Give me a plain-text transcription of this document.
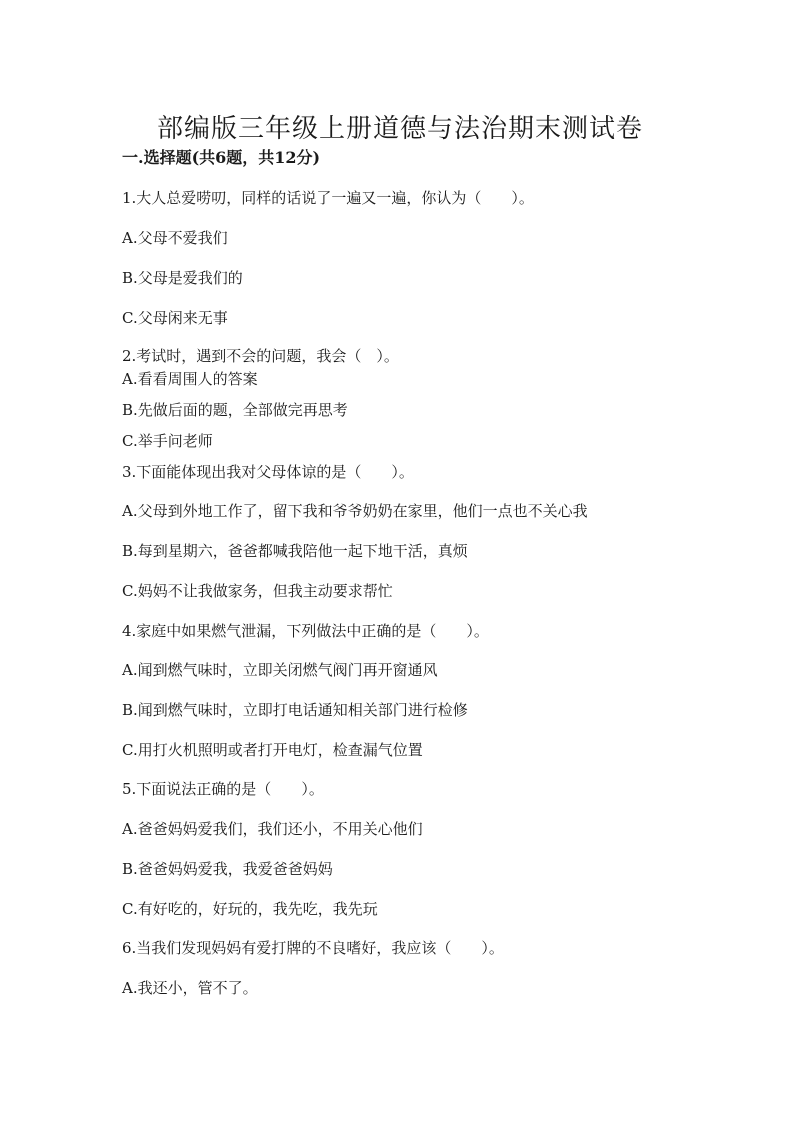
部编版三年级上册道德与法治期末测试卷
一.选择题(共6题，共12分)
1.大人总爱唠叨，同样的话说了一遍又一遍，你认为（　　）。
A.父母不爱我们
B.父母是爱我们的
C.父母闲来无事
2.考试时，遇到不会的问题，我会（　）。
A.看看周围人的答案
B.先做后面的题，全部做完再思考
C.举手问老师
3.下面能体现出我对父母体谅的是（　　）。
A.父母到外地工作了，留下我和爷爷奶奶在家里，他们一点也不关心我
B.每到星期六，爸爸都喊我陪他一起下地干活，真烦
C.妈妈不让我做家务，但我主动要求帮忙
4.家庭中如果燃气泄漏，下列做法中正确的是（　　）。
A.闻到燃气味时，立即关闭燃气阀门再开窗通风
B.闻到燃气味时，立即打电话通知相关部门进行检修
C.用打火机照明或者打开电灯，检查漏气位置
5.下面说法正确的是（　　）。
A.爸爸妈妈爱我们，我们还小，不用关心他们
B.爸爸妈妈爱我，我爱爸爸妈妈
C.有好吃的，好玩的，我先吃，我先玩
6.当我们发现妈妈有爱打牌的不良嗜好，我应该（　　）。
A.我还小，管不了。
